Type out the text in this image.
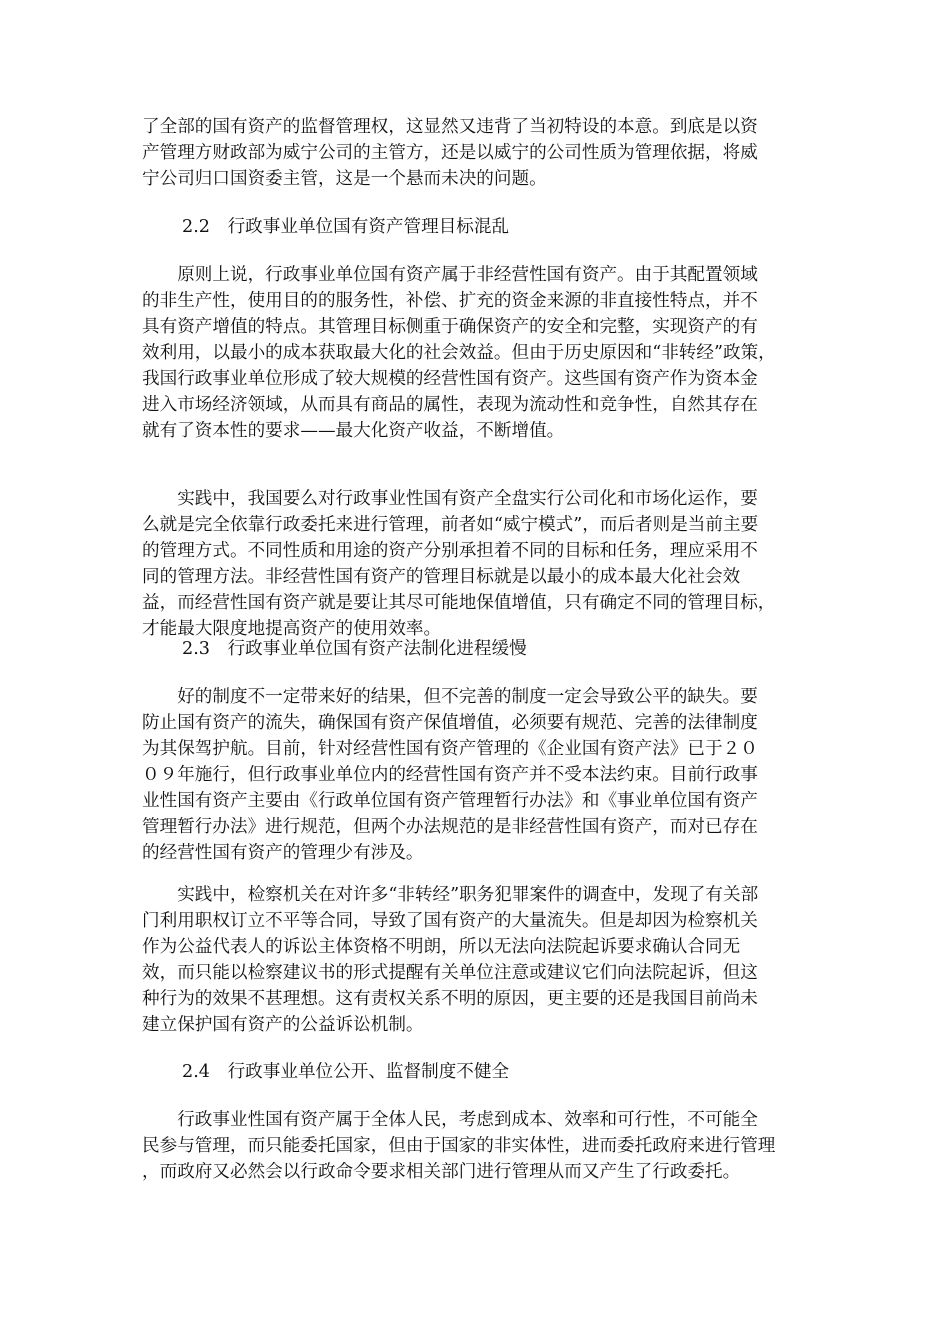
了全部的国有资产的监督管理权，这显然又违背了当初特设的本意。到底是以资
产管理方财政部为威宁公司的主管方，还是以威宁的公司性质为管理依据，将威
宁公司归口国资委主管，这是一个悬而未决的问题。
2.2　行政事业单位国有资产管理目标混乱
　　原则上说，行政事业单位国有资产属于非经营性国有资产。由于其配置领域
的非生产性，使用目的的服务性，补偿、扩充的资金来源的非直接性特点，并不
具有资产增值的特点。其管理目标侧重于确保资产的安全和完整，实现资产的有
效利用，以最小的成本获取最大化的社会效益。但由于历史原因和“非转经”政策，
我国行政事业单位形成了较大规模的经营性国有资产。这些国有资产作为资本金
进入市场经济领域，从而具有商品的属性，表现为流动性和竞争性，自然其存在
就有了资本性的要求——最大化资产收益，不断增值。
　　实践中，我国要么对行政事业性国有资产全盘实行公司化和市场化运作，要
么就是完全依靠行政委托来进行管理，前者如“威宁模式”，而后者则是当前主要
的管理方式。不同性质和用途的资产分别承担着不同的目标和任务，理应采用不
同的管理方法。非经营性国有资产的管理目标就是以最小的成本最大化社会效
益，而经营性国有资产就是要让其尽可能地保值增值，只有确定不同的管理目标，
才能最大限度地提高资产的使用效率。
2.3　行政事业单位国有资产法制化进程缓慢
　　好的制度不一定带来好的结果，但不完善的制度一定会导致公平的缺失。要
防止国有资产的流失，确保国有资产保值增值，必须要有规范、完善的法律制度
为其保驾护航。目前，针对经营性国有资产管理的《企业国有资产法》已于２０
０９年施行，但行政事业单位内的经营性国有资产并不受本法约束。目前行政事
业性国有资产主要由《行政单位国有资产管理暂行办法》和《事业单位国有资产
管理暂行办法》进行规范，但两个办法规范的是非经营性国有资产，而对已存在
的经营性国有资产的管理少有涉及。
　　实践中，检察机关在对许多“非转经”职务犯罪案件的调查中，发现了有关部
门利用职权订立不平等合同，导致了国有资产的大量流失。但是却因为检察机关
作为公益代表人的诉讼主体资格不明朗，所以无法向法院起诉要求确认合同无
效，而只能以检察建议书的形式提醒有关单位注意或建议它们向法院起诉，但这
种行为的效果不甚理想。这有责权关系不明的原因，更主要的还是我国目前尚未
建立保护国有资产的公益诉讼机制。
2.4　行政事业单位公开、监督制度不健全
　　行政事业性国有资产属于全体人民，考虑到成本、效率和可行性，不可能全
民参与管理，而只能委托国家，但由于国家的非实体性，进而委托政府来进行管理
，而政府又必然会以行政命令要求相关部门进行管理从而又产生了行政委托。
